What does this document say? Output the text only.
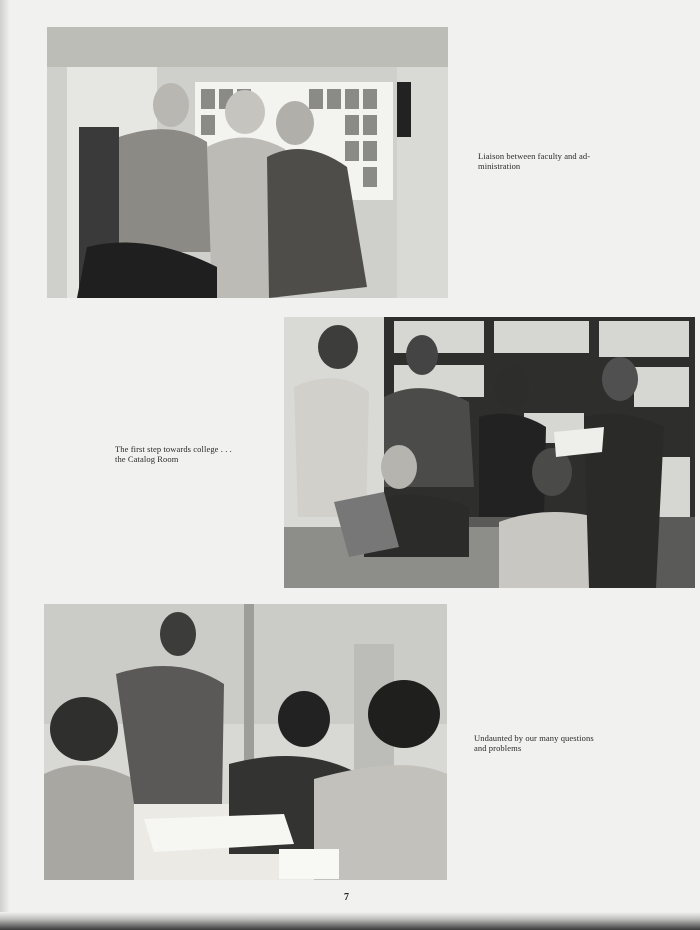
Liaison between faculty and ad-
ministration
The first step towards college . . .
the Catalog Room
Undaunted by our many questions
and problems
7
